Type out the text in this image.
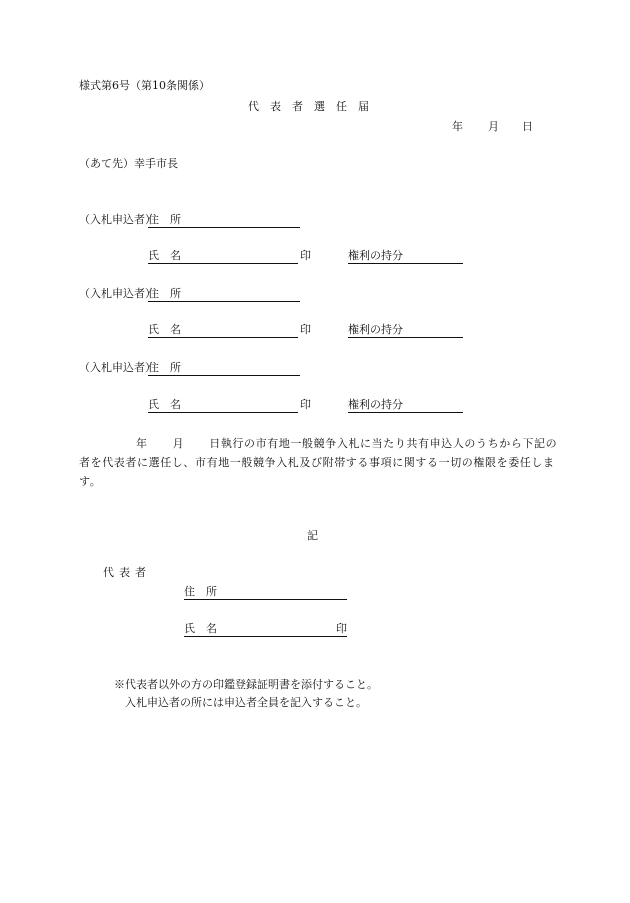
様式第6号（第10条関係）
代表者選任届
年 月 日
（あて先）幸手市長
（入札申込者）
住　所
氏　名	印	権利の持分
（入札申込者）
住　所
氏　名	印	権利の持分
（入札申込者）
住　所
氏　名	印	権利の持分
年 月 日執行の市有地一般競争入札に当たり共有申込人のうちから下記の者を代表者に選任し、市有地一般競争入札及び附帯する事項に関する一切の権限を委任します。
記
代表者
住　所
氏　名	印
※代表者以外の方の印鑑登録証明書を添付すること。
入札申込者の所には申込者全員を記入すること。
